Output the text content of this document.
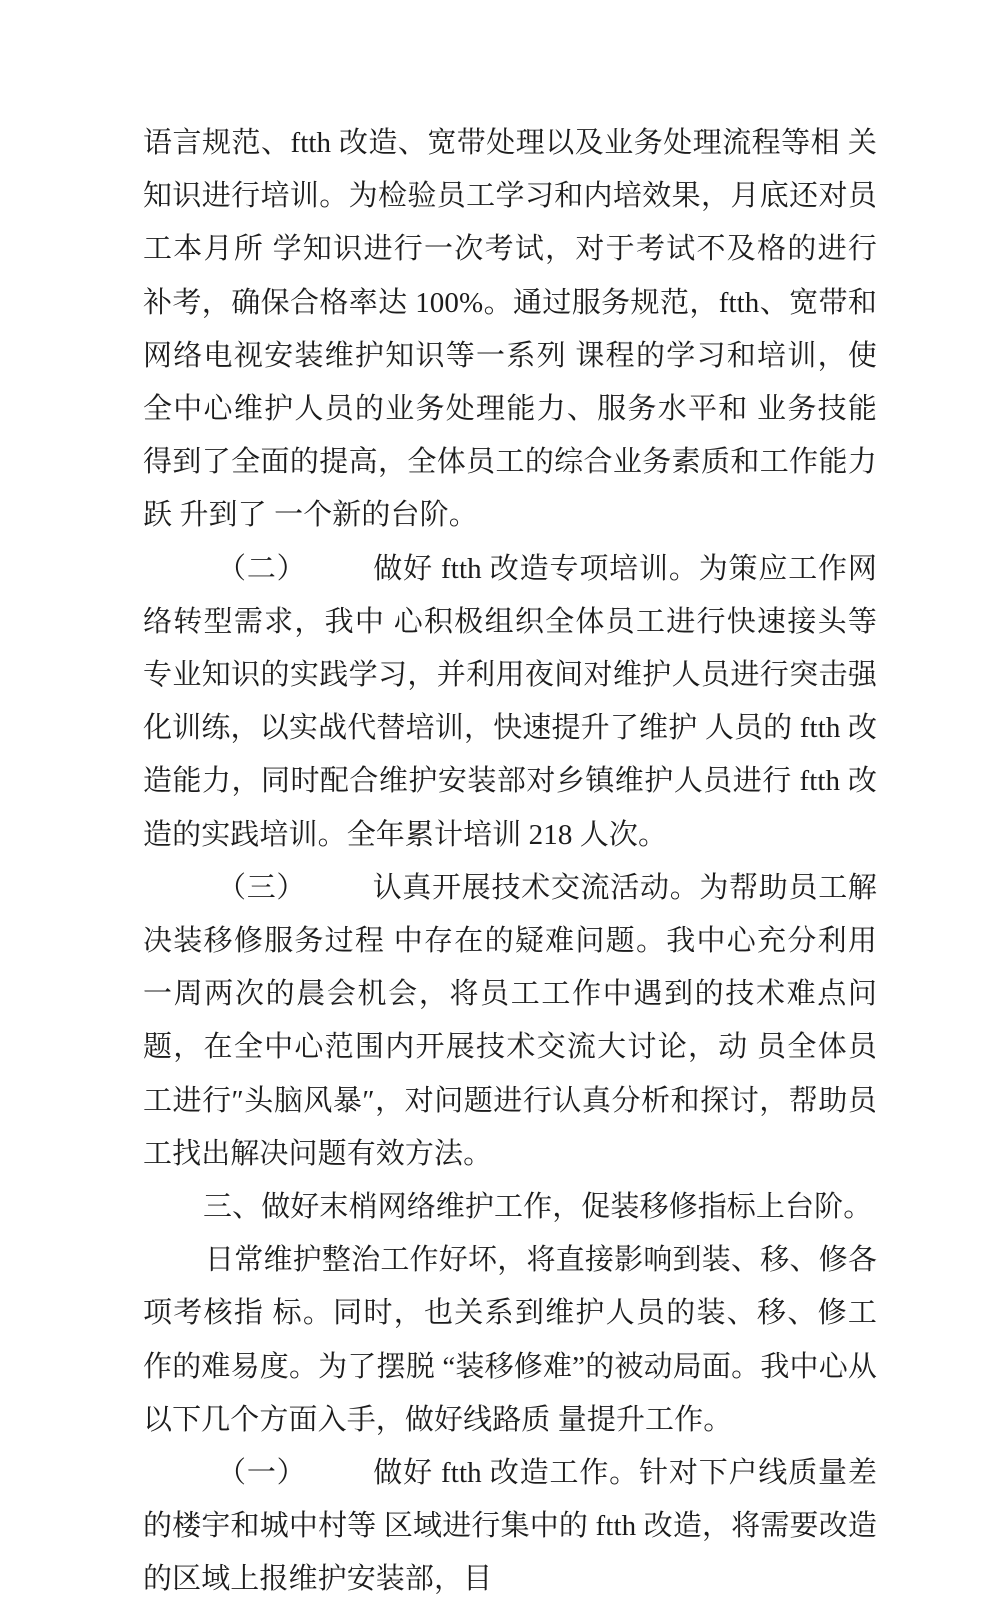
语言规范、ftth 改造、宽带处理以及业务处理流程等相 关知识进行培训。为检验员工学习和内培效果，月底还对员工本月所 学知识进行一次考试，对于考试不及格的进行补考，确保合格率达 100%。通过服务规范，ftth、宽带和网络电视安装维护知识等一系列 课程的学习和培训，使全中心维护人员的业务处理能力、服务水平和 业务技能得到了全面的提高，全体员工的综合业务素质和工作能力跃 升到了 一个新的台阶。

（二） 做好 ftth 改造专项培训。为策应工作网络转型需求，我中 心积极组织全体员工进行快速接头等专业知识的实践学习，并利用夜间对维护人员进行突击强化训练，以实战代替培训，快速提升了维护 人员的 ftth 改造能力，同时配合维护安装部对乡镇维护人员进行 ftth 改造的实践培训。全年累计培训 218 人次。

（三） 认真开展技术交流活动。为帮助员工解决装移修服务过程 中存在的疑难问题。我中心充分利用一周两次的晨会机会，将员工工作中遇到的技术难点问题，在全中心范围内开展技术交流大讨论，动 员全体员工进行″头脑风暴″，对问题进行认真分析和探讨，帮助员 工找出解决问题有效方法。

三、做好末梢网络维护工作，促装移修指标上台阶。

日常维护整治工作好坏，将直接影响到装、移、修各项考核指 标。同时，也关系到维护人员的装、移、修工作的难易度。为了摆脱 “装移修难”的被动局面。我中心从以下几个方面入手，做好线路质 量提升工作。

（一） 做好 ftth 改造工作。针对下户线质量差的楼宇和城中村等 区域进行集中的 ftth 改造，将需要改造的区域上报维护安装部，目
